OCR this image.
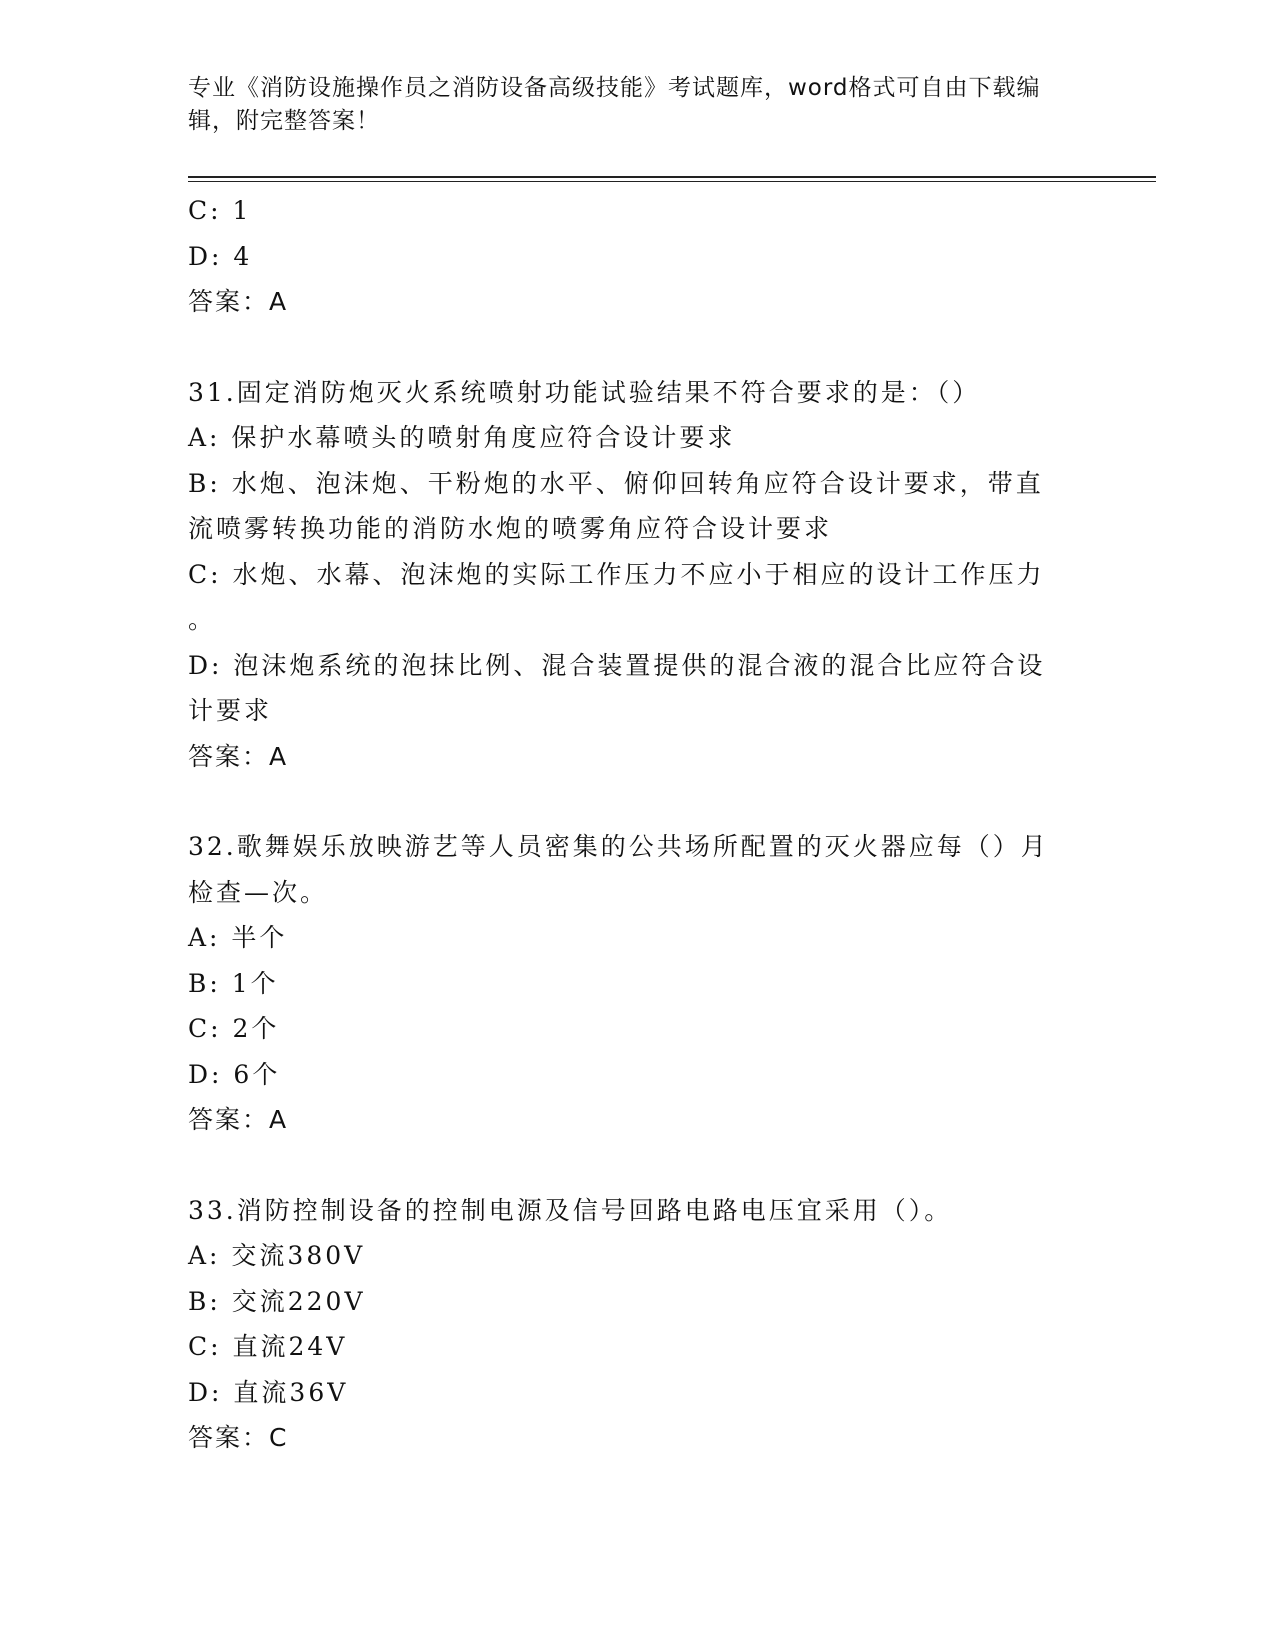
专业《消防设施操作员之消防设备高级技能》考试题库，word格式可自由下载编
辑，附完整答案！

C: 1

D: 4

答案：A

31.固定消防炮灭火系统喷射功能试验结果不符合要求的是：（）

A: 保护水幕喷头的喷射角度应符合设计要求

B: 水炮、泡沫炮、干粉炮的水平、俯仰回转角应符合设计要求，带直

流喷雾转换功能的消防水炮的喷雾角应符合设计要求

C: 水炮、水幕、泡沫炮的实际工作压力不应小于相应的设计工作压力

。

D: 泡沫炮系统的泡抹比例、混合装置提供的混合液的混合比应符合设

计要求

答案：A

32.歌舞娱乐放映游艺等人员密集的公共场所配置的灭火器应每（）月

检查—次。

A: 半个

B: 1个

C: 2个

D: 6个

答案：A

33.消防控制设备的控制电源及信号回路电路电压宜采用（）。

A: 交流380V

B: 交流220V

C: 直流24V

D: 直流36V

答案：C
